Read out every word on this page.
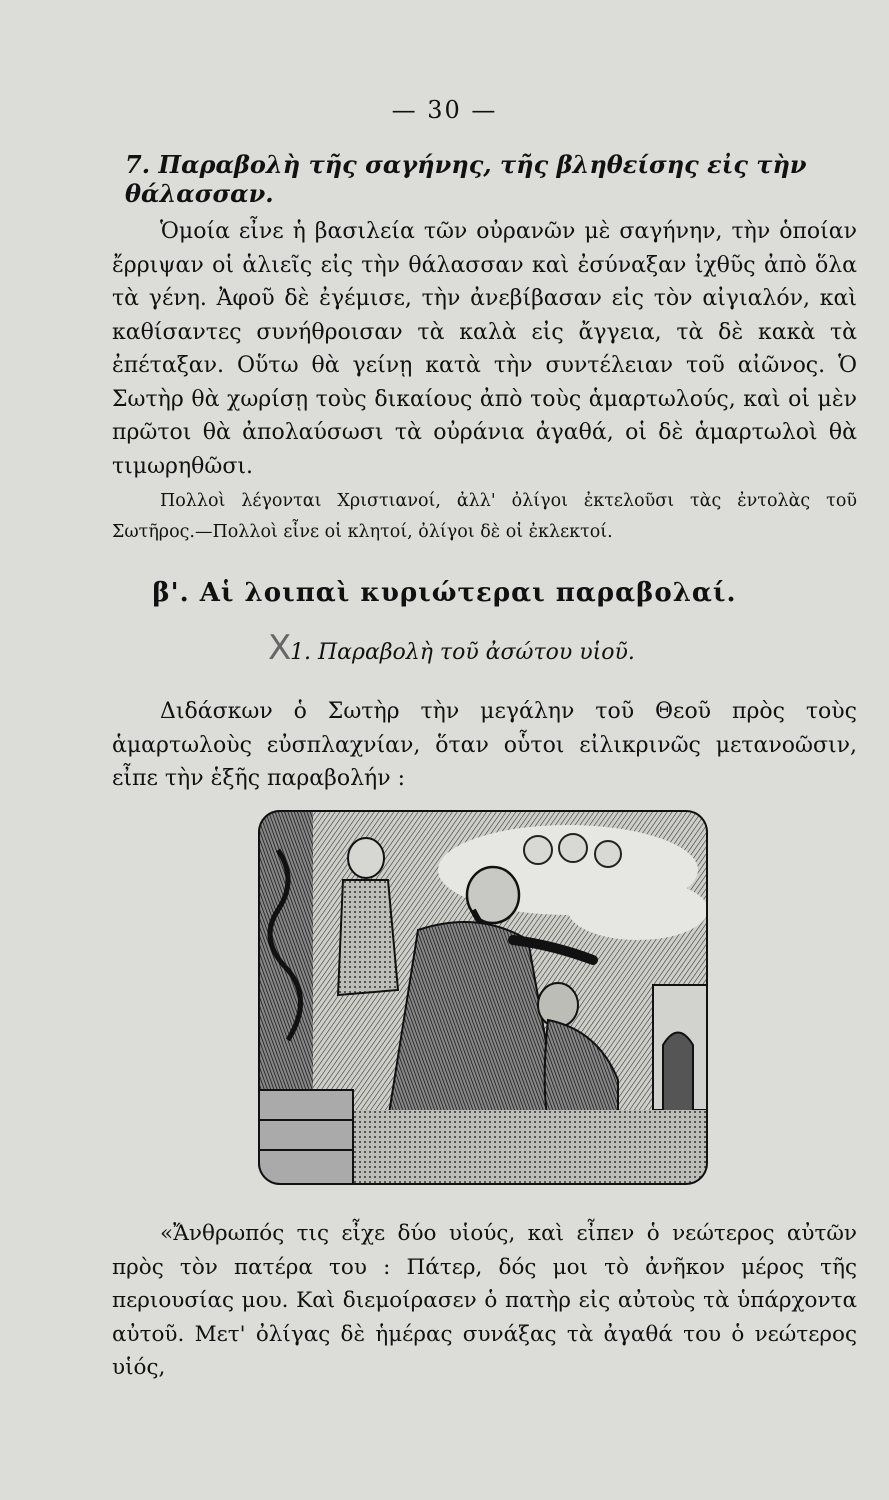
— 30 —
7. Παραβολὴ τῆς σαγήνης, τῆς βληθείσης εἰς τὴν θάλασσαν.
Ὁμοία εἶνε ἡ βασιλεία τῶν οὐρανῶν μὲ σαγήνην, τὴν ὁποίαν ἔρριψαν οἱ ἁλιεῖς εἰς τὴν θάλασσαν καὶ ἐσύναξαν ἰχθῦς ἀπὸ ὅλα τὰ γένη. Ἀφοῦ δὲ ἐγέμισε, τὴν ἀνεβίβασαν εἰς τὸν αἰγιαλόν, καὶ καθίσαντες συνήθροισαν τὰ καλὰ εἰς ἄγγεια, τὰ δὲ κακὰ τὰ ἐπέταξαν. Οὕτω θὰ γείνῃ κατὰ τὴν συντέλειαν τοῦ αἰῶνος. Ὁ Σωτὴρ θὰ χωρίσῃ τοὺς δικαίους ἀπὸ τοὺς ἁμαρτωλούς, καὶ οἱ μὲν πρῶτοι θὰ ἀπολαύσωσι τὰ οὐράνια ἀγαθά, οἱ δὲ ἁμαρτωλοὶ θὰ τιμωρηθῶσι.
Πολλοὶ λέγονται Χριστιανοί, ἀλλ' ὀλίγοι ἐκτελοῦσι τὰς ἐντολὰς τοῦ Σωτῆρος.—Πολλοὶ εἶνε οἱ κλητοί, ὀλίγοι δὲ οἱ ἐκλεκτοί.
β'. Αἱ λοιπαὶ κυριώτεραι παραβολαί.
X
1. Παραβολὴ τοῦ ἀσώτου υἱοῦ.
Διδάσκων ὁ Σωτὴρ τὴν μεγάλην τοῦ Θεοῦ πρὸς τοὺς ἁμαρτωλοὺς εὐσπλαχνίαν, ὅταν οὗτοι εἰλικρινῶς μετανοῶσιν, εἶπε τὴν ἑξῆς παραβολήν :
«Ἄνθρωπός τις εἶχε δύο υἱούς, καὶ εἶπεν ὁ νεώτερος αὐτῶν πρὸς τὸν πατέρα του : Πάτερ, δός μοι τὸ ἀνῆκον μέρος τῆς περιουσίας μου. Καὶ διεμοίρασεν ὁ πατὴρ εἰς αὐτοὺς τὰ ὑπάρχοντα αὐτοῦ. Μετ' ὀλίγας δὲ ἡμέρας συνάξας τὰ ἀγαθά του ὁ νεώτερος υἱός,
